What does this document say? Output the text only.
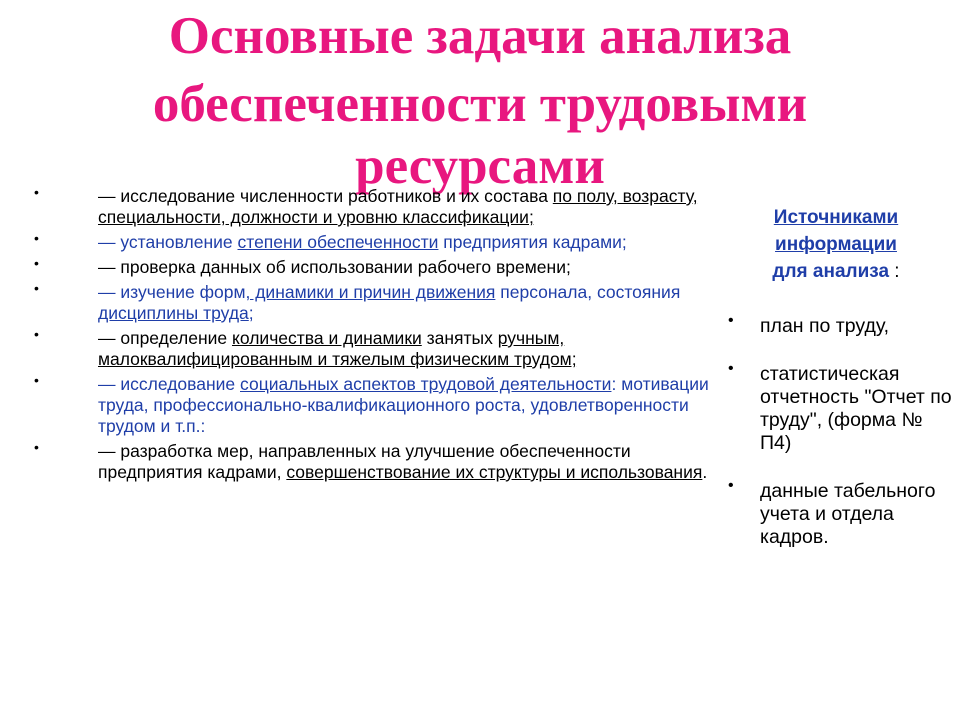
Основные задачи анализа
обеспеченности трудовыми
ресурсами
•	— исследование численности работников и их состава по полу, возрасту, специальности, должности и уровню классификации;
•	— установление степени обеспеченности предприятия кадрами;
•	— проверка данных об использовании рабочего времени;
•	— изучение форм, динамики и причин движения персонала, состояния дисциплины труда;
•	— определение количества и динамики занятых ручным, малоквалифицированным и тяжелым физическим трудом;
•	— исследование социальных аспектов трудовой деятельности: мотивации труда, профессионально-квалификационного роста, удовлетворенности трудом и т.п.:
•	— разработка мер, направленных на улучшение обеспеченности предприятия кадрами, совершенствование их структуры и использования.
Источниками
информации
для анализа :
• план по труду,
• статистическая отчетность "Отчет по труду", (форма № П4)
• данные табельного учета и отдела кадров.
